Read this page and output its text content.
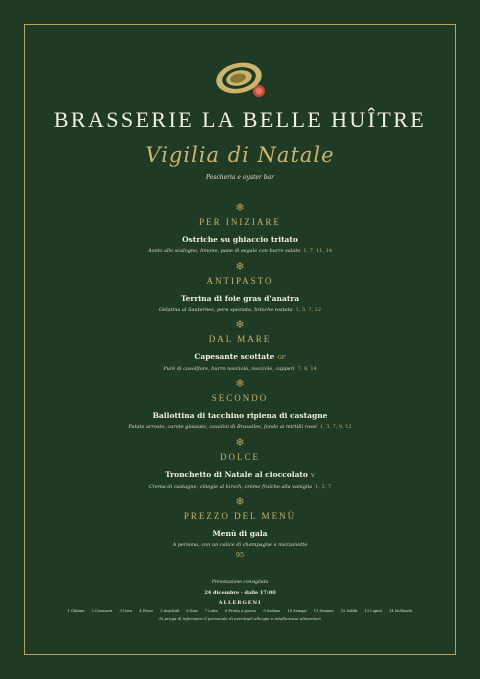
BRASSERIE LA BELLE HUÎTRE
Vigilia di Natale
Pescheria e oyster bar
❄
PER INIZIARE
Ostriche su ghiaccio tritato
Aceto allo scalogno, limone, pane di segale con burro salato 1, 7, 11, 14
❄
ANTIPASTO
Terrina di foie gras d'anatra
Gelatina al Sauternes, pera speziata, brioche tostata 1, 3, 7, 12
❄
DAL MARE
Capesante scottate GF
Purè di cavolfiore, burro nocciola, nocciole, capperi 7, 8, 14
❄
SECONDO
Ballottina di tacchino ripiena di castagne
Patate arrosto, carote glassate, cavolini di Bruxelles, fondo ai mirtilli rossi 1, 3, 7, 9, 12
❄
DOLCE
Tronchetto di Natale al cioccolato V
Crema di castagne, ciliegie al kirsch, crème fraîche alla vaniglia 1, 3, 7
❄
PREZZO DEL MENÙ
Menù di gala
A persona, con un calice di champagne a mezzanotte
95
Prenotazione consigliata
24 dicembre · dalle 17:00
ALLERGENI
1 Glutine 2 Crostacei 3 Uova 4 Pesce 5 Arachidi 6 Soia 7 Latte 8 Frutta a guscio 9 Sedano 10 Senape 11 Sesamo 12 Solfiti 13 Lupini 14 Molluschi
Si prega di informare il personale di eventuali allergie o intolleranze alimentari
